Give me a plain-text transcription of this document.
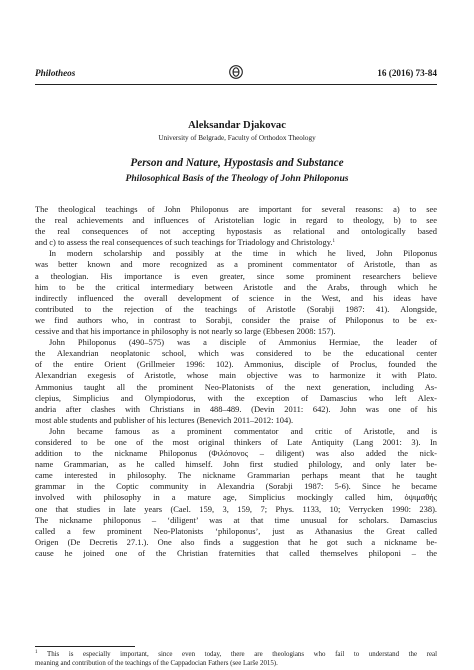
Philotheos	16 (2016) 73-84
Aleksandar Djakovac
University of Belgrade, Faculty of Orthodox Theology
Person and Nature, Hypostasis and Substance
Philosophical Basis of the Theology of John Philoponus
The theological teachings of John Philoponus are important for several reasons: a) to see
the real achievements and influences of Aristotelian logic in regard to theology, b) to see
the real consequences of not accepting hypostasis as relational and ontologically based
and c) to assess the real consequences of such teachings for Triadology and Christology.$^1$
In modern scholarship and possibly at the time in which he lived, John Piloponus
was better known and more recognized as a prominent commentator of Aristotle, than as
a theologian. His importance is even greater, since some prominent researchers believe
him to be the critical intermediary between Aristotle and the Arabs, through which he
indirectly influenced the overall development of science in the West, and his ideas have
contributed to the rejection of the teachings of Aristotle (Sorabji 1987: 41). Alongside,
we find authors who, in contrast to Sorabji, consider the praise of Philoponus to be ex-
cessive and that his importance in philosophy is not nearly so large (Ebbesen 2008: 157).
John Philoponus (490–575) was a disciple of Ammonius Hermiae, the leader of
the Alexandrian neoplatonic school, which was considered to be the educational center
of the entire Orient (Grillmeier 1996: 102). Ammonius, disciple of Proclus, founded the
Alexandrian exegesis of Aristotle, whose main objective was to harmonize it with Plato.
Ammonius taught all the prominent Neo-Platonists of the next generation, including As-
clepius, Simplicius and Olympiodorus, with the exception of Damascius who left Alex-
andria after clashes with Christians in 488–489. (Devin 2011: 642). John was one of his
most able students and publisher of his lectures (Benevich 2011–2012: 104).
John became famous as a prominent commentator and critic of Aristotle, and is
considered to be one of the most original thinkers of Late Antiquity (Lang 2001: 3). In
addition to the nickname Philoponus (Φιλόπονος – diligent) was also added the nick-
name Grammarian, as he called himself. John first studied philology, and only later be-
came interested in philosophy. The nickname Grammarian perhaps meant that he taught
grammar in the Coptic community in Alexandria (Sorabji 1987: 5-6). Since he became
involved with philosophy in a mature age, Simplicius mockingly called him, ὀψιμαθής
one that studies in late years (Cael. 159, 3, 159, 7; Phys. 1133, 10; Verrycken 1990: 238).
The nickname philoponus – ‘diligent’ was at that time unusual for scholars. Damascius
called a few prominent Neo-Platonists ‘philoponus’, just as Athanasius the Great called
Origen (De Decretis 27.1.). One also finds a suggestion that he got such a nickname be-
cause he joined one of the Christian fraternities that called themselves philoponi – the
$^1$ This is especially important, since even today, there are theologians who fail to understand the real
meaning and contribution of the teachings of the Cappadocian Fathers (see Larše 2015).
